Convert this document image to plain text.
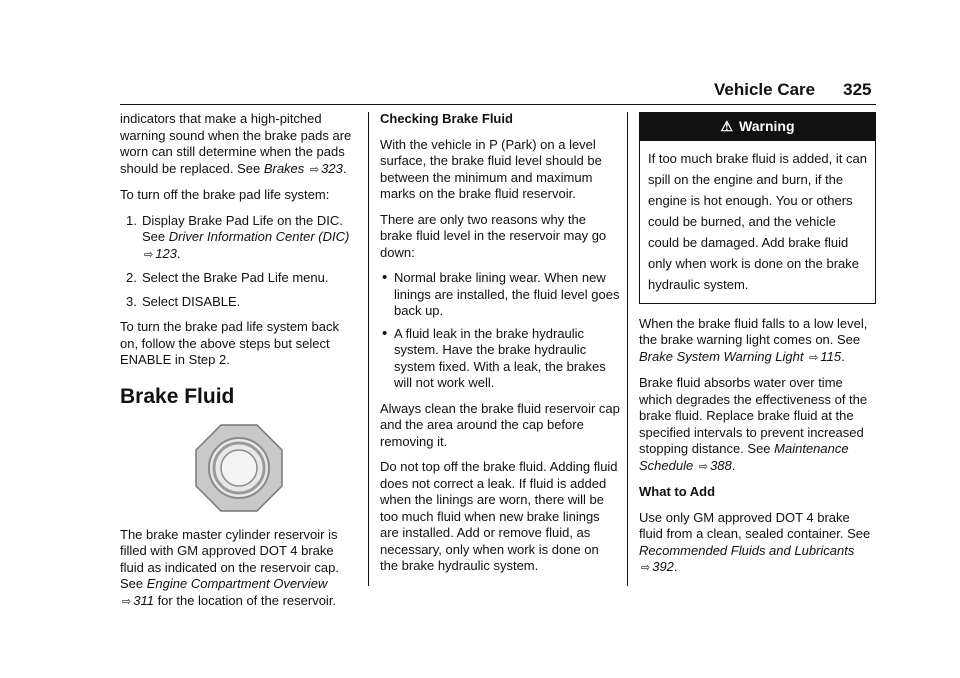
Vehicle Care 325

indicators that make a high-pitched warning sound when the brake pads are worn can still determine when the pads should be replaced. See Brakes ⇨ 323.

To turn off the brake pad life system:

1. Display Brake Pad Life on the DIC. See Driver Information Center (DIC) ⇨ 123.
2. Select the Brake Pad Life menu.
3. Select DISABLE.

To turn the brake pad life system back on, follow the above steps but select ENABLE in Step 2.

Brake Fluid

The brake master cylinder reservoir is filled with GM approved DOT 4 brake fluid as indicated on the reservoir cap. See Engine Compartment Overview ⇨ 311 for the location of the reservoir.

Checking Brake Fluid

With the vehicle in P (Park) on a level surface, the brake fluid level should be between the minimum and maximum marks on the brake fluid reservoir.

There are only two reasons why the brake fluid level in the reservoir may go down:

• Normal brake lining wear. When new linings are installed, the fluid level goes back up.
• A fluid leak in the brake hydraulic system. Have the brake hydraulic system fixed. With a leak, the brakes will not work well.

Always clean the brake fluid reservoir cap and the area around the cap before removing it.

Do not top off the brake fluid. Adding fluid does not correct a leak. If fluid is added when the linings are worn, there will be too much fluid when new brake linings are installed. Add or remove fluid, as necessary, only when work is done on the brake hydraulic system.

⚠ Warning
If too much brake fluid is added, it can spill on the engine and burn, if the engine is hot enough. You or others could be burned, and the vehicle could be damaged. Add brake fluid only when work is done on the brake hydraulic system.

When the brake fluid falls to a low level, the brake warning light comes on. See Brake System Warning Light ⇨ 115.

Brake fluid absorbs water over time which degrades the effectiveness of the brake fluid. Replace brake fluid at the specified intervals to prevent increased stopping distance. See Maintenance Schedule ⇨ 388.

What to Add

Use only GM approved DOT 4 brake fluid from a clean, sealed container. See Recommended Fluids and Lubricants ⇨ 392.
